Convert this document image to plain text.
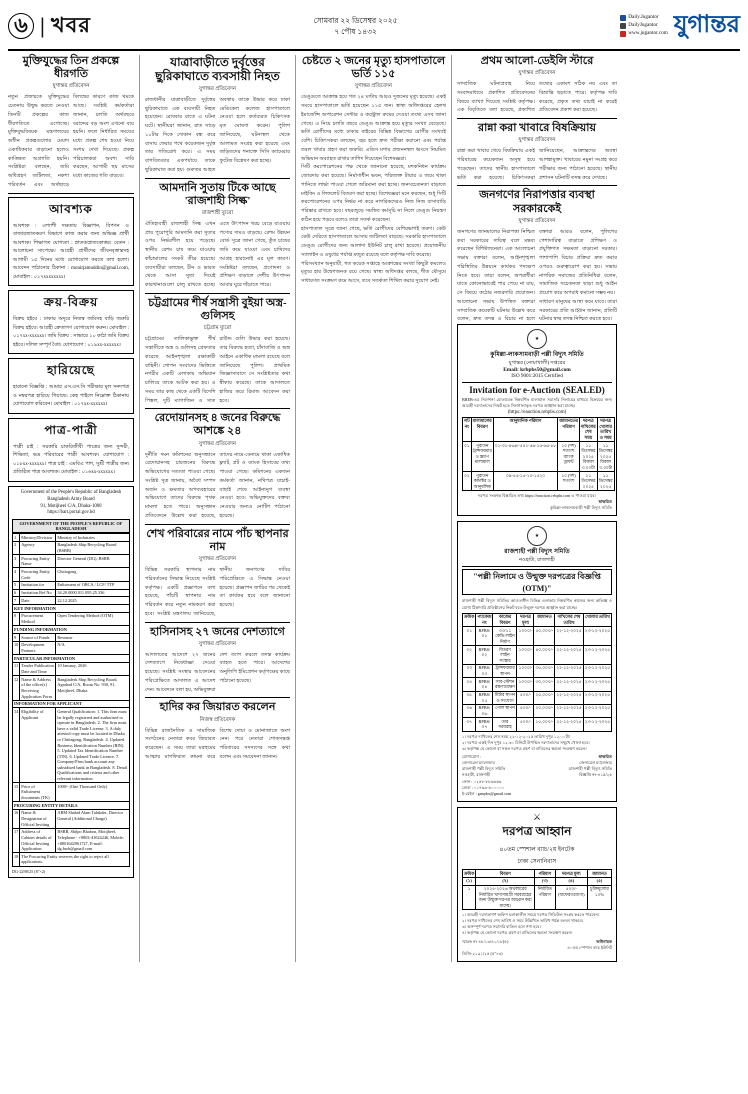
৬ | খবর	সোমবার ২২ ডিসেম্বর ২০২৫
৭ পৌষ ১৪৩২
Daily.Jugantor
DailyJugantor
www.jugantor.com যুগান্তর
মুক্তিযুদ্ধের তিন প্রকল্পে ধীরগতি
যুগান্তর প্রতিবেদন
নতুন প্রজন্মকে মুক্তিযুদ্ধের চেতনায় উদ্বুদ্ধ করতে নেওয়া তিনটি প্রকল্পের কাজ ধীরগতিতে এগোচ্ছে। মুক্তিযুদ্ধবিষয়ক মন্ত্রণালয়ের অধীন প্রকল্পগুলোর মেয়াদ একাধিকবার বাড়ানো হলেও কাঙ্ক্ষিত অগ্রগতি হয়নি। সংশ্লিষ্টরা বলছেন, জমি অধিগ্রহণ জটিলতা, নকশা পরিবর্তন এবং অর্থছাড়ে বিলম্বের কারণে কাজ থমকে আছে। সংশ্লিষ্ট কর্মকর্তারা জানান, চলতি অর্থবছরে বরাদ্দের বড় অংশ এখনো ব্যয় হয়নি। ফলে নির্ধারিত সময়ের মধ্যে প্রকল্প শেষ হওয়া নিয়ে সংশয় দেখা দিয়েছে। প্রকল্প পরিচালকরা অবশ্য দাবি করছেন, আগামী ছয় মাসের মধ্যে কাজের গতি বাড়বে।
আবশ্যক
আবশ্যক : এশ্যাশী দক্ষতায় বিজ্ঞাপন, বিপণন ও বাজারজাতকরণ বিভাগে কাজ করার জন্য অভিজ্ঞ প্রার্থী আবশ্যক। শিক্ষাগত যোগ্যতা : স্নাতক/স্নাতকোত্তর। বেতন : আলোচনা সাপেক্ষে। আগ্রহী প্রার্থীদের জীবনবৃত্তান্তসহ আগামী ১৫ দিনের মধ্যে যোগাযোগ করতে বলা হলো। আবেদন পাঠানোর ঠিকানা : monirjamuddin@gmail.com, মোবাইল : ০১৭xxxxxxxx।
ক্রয়-বিক্রয়
বিক্রয় হইবে : ঢাকার অদূরে নিজস্ব জমিসহ বাড়ি জরুরি বিক্রয় হইবে। আগ্রহী ক্রেতাগণ যোগাযোগ করুন। মোবাইল : ০১৭xx-xxxxxx। জমি বিক্রয় : সাভারে ১০ কাঠা জমি বিক্রয় হইবে। দলিল সম্পূর্ণ বৈধ। যোগাযোগ : ০১৯xx-xxxxxx।
হারিয়েছে
হারানো বিজ্ঞপ্তি : আমার এস.এস.সি পরীক্ষার মূল সনদপত্র ও নম্বরপত্র হারিয়ে গিয়াছে। কেহ পাইলে নিম্নোক্ত ঠিকানায় যোগাযোগ করিবেন। মোবাইল : ০১৭xx-xxxxxx।
পাত্র-পাত্রী
পাত্রী চাই : সরকারি চাকরিজীবী পাত্রের জন্য সুন্দরী, শিক্ষিতা, ভদ্র পরিবারের পাত্রী আবশ্যক। যোগাযোগ : ০১৮xx-xxxxxx। পাত্র চাই : এমবিএ পাশ, সুশ্রী পাত্রীর জন্য প্রতিষ্ঠিত পাত্র আবশ্যক। মোবাইল : ০১৬xx-xxxxxx।
Government of the People's Republic of Bangladesh
Bangladesh Army Board
91, Motijheel C/A, Dhaka-1000
https://bart.portal.gov.bd
GOVERNMENT OF THE PEOPLE'S REPUBLIC OF BANGLADESH
1	Ministry/Division	Ministry of Industries
2	Agency	Bangladesh Ship Recycling Board (BSRB)
3	Procuring Entity Name	Director General (DG), BSRB
4	Procuring Entity Code	Chittagong
5	Invitation for	Enlistment of OBCA / LCF/ TTP
6	Invitation Ref No	34.20.0000.011.095.25.336
7	Date	22.12.2025
KEY INFORMATION		
8	Procurement Method	Open Tendering Method (OTM)
FUNDING INFORMATION		
9	Source of Funds	Revenue
10	Development Partners	N/A
PARTICULAR INFORMATION		
11	Tender Publication Date and Time	10 January, 2026
12	Name & Address of the office(s) Receiving Application Form	Bangladesh Ship Recycling Board, Agrabad C/A, Room No. 930, 91, Motijheel, Dhaka
INFORMATION FOR APPLICANT		
14	Eligibility of Applicant	General Qualification: 1. This firm must be legally registered and authorised to operate in Bangladesh. 2. The firm must have a valid Trade License. 3. A duly attested copy must be located in Dhaka or Chittagong, Bangladesh. 4. Updated Business Identification Number (BIN). 5. Updated Tax Identification Number (TIN). 6. Updated Trade Licence. 7. Company/Firm bank account any subsidised bank in Bangladesh. 8. Detail Qualifications and criteria and other relevant information.
15	Price of Enlistment documents (TK)	1000/- (One Thousand Only)
PROCURING ENTITY DETAILS		
16	Name & Designation of Official Inviting	ABM Shahid Alam Talukder, Director General (Additional Charge)
17	Address of Cabinet details of Official Inviting Application	BSRB, Shilpo Bhabon, Motijheel, Telephone : +8802-41024246, Mobile: +8801642961727, E-mail: dg.bsrb@gmail.com
18	The Procuring Entity reserves the right to reject all applications.	
DG-2298/25 (8"×2)
যাত্রাবাড়ীতে দুর্বৃত্তের ছুরিকাঘাতে ব্যবসায়ী নিহত
যুগান্তর প্রতিবেদন
রাজধানীর যাত্রাবাড়ীতে দুর্বৃত্তের ছুরিকাঘাতে এক ব্যবসায়ী নিহত হয়েছেন। রোববার রাতে এ ঘটনা ঘটে। স্থানীয়রা জানান, রাত সাড়ে ১০টার দিকে দোকান বন্ধ করে বাসায় ফেরার পথে কয়েকজন দুর্বৃত্ত তার গতিরোধ করে। এ সময় বাগবিতণ্ডার একপর্যায়ে তাকে ছুরিকাঘাত করা হয়। গুরুতর আহত অবস্থায় তাকে উদ্ধার করে ঢাকা মেডিকেল কলেজ হাসপাতালে নেওয়া হলে কর্তব্যরত চিকিৎসক মৃত ঘোষণা করেন। পুলিশ জানিয়েছে, ঘটনাস্থল থেকে আলামত সংগ্রহ করা হয়েছে এবং জড়িতদের শনাক্তে সিসি ক্যামেরার ফুটেজ বিশ্লেষণ করা হচ্ছে।
আমদানি সুতায় টিকে আছে 'রাজশাহী সিল্ক'
রাজশাহী ব্যুরো
ঐতিহ্যবাহী রাজশাহী সিল্ক এখন প্রায় পুরোপুরি আমদানি করা সুতার ওপর নির্ভরশীল হয়ে পড়েছে। স্থানীয় রেশম চাষ কমে যাওয়ায় কাঁচামালের সংকট তীব্র হয়েছে। ব্যবসায়ীরা বলছেন, চীন ও ভারত থেকে আসা সুতা দিয়েই কারখানাগুলো চালু রাখতে হচ্ছে। এতে উৎপাদন খরচ বেড়ে যাওয়ায় পণ্যের দামও বাড়ছে। রেশম উন্নয়ন বোর্ড সূত্রে জানা গেছে, তুঁত চাষের জমি কমে যাওয়া এবং চাষিদের আগ্রহ হারানোই এর মূল কারণ। সংশ্লিষ্টরা বলছেন, প্রণোদনা ও প্রশিক্ষণ বাড়ালে দেশীয় উৎপাদন আবার ঘুরে দাঁড়াতে পারে।
চট্টগ্রামের শীর্ষ সন্ত্রাসী বুইয়া অস্ত্র-গুলিসহ
চট্টগ্রাম ব্যুরো
চট্টগ্রামের তালিকাভুক্ত শীর্ষ সন্ত্রাসীকে অস্ত্র ও গুলিসহ গ্রেফতার করেছে আইনশৃঙ্খলা রক্ষাকারী বাহিনী। গোপন সংবাদের ভিত্তিতে নগরীর একটি এলাকায় অভিযান চালিয়ে তাকে আটক করা হয়। এ সময় তার কাছ থেকে একটি বিদেশি পিস্তল, দুটি ম্যাগাজিন ও সাত রাউন্ড গুলি উদ্ধার করা হয়েছে। তার বিরুদ্ধে হত্যা, চাঁদাবাজি ও অস্ত্র আইনে একাধিক মামলা রয়েছে বলে জানিয়েছে পুলিশ। প্রাথমিক জিজ্ঞাসাবাদে সে সংশ্লিষ্টতার কথা স্বীকার করেছে। তাকে আদালতে হাজির করে রিমান্ড আবেদন করা হবে।
রেদোয়ানসহ ৪ জনের বিরুদ্ধে আশঙ্কে ২৪
যুগান্তর প্রতিবেদন
দুর্নীতি দমন কমিশনের অনুসন্ধানে রেদোয়ানসহ চারজনের বিরুদ্ধে অভিযোগের সত্যতা পাওয়া গেছে। সংশ্লিষ্ট সূত্র জানায়, অবৈধ সম্পদ অর্জন ও ক্ষমতার অপব্যবহারের অভিযোগে তাদের বিরুদ্ধে পৃথক মামলা হতে পারে। অনুসন্ধান প্রতিবেদনে উল্লেখ করা হয়েছে, তাদের নামে-বেনামে থাকা একাধিক ফ্ল্যাট, প্লট ও ব্যাংক হিসাবের তথ্য পাওয়া গেছে। কমিশনের একজন কর্মকর্তা জানান, নথিপত্র যাচাই-বাছাই শেষে আইনানুগ ব্যবস্থা নেওয়া হবে। অভিযুক্তদের বক্তব্য নেওয়ার জন্যও নোটিশ পাঠানো হয়েছে।
শেখ পরিবারের নামে পাঁচ স্থাপনার নাম
যুগান্তর প্রতিবেদন
বিভিন্ন সরকারি স্থাপনার নাম পরিবর্তনের সিদ্ধান্ত নিয়েছে সংশ্লিষ্ট কর্তৃপক্ষ। একটি প্রজ্ঞাপনে বলা হয়েছে, পাঁচটি স্থাপনার নাম পরিবর্তন করে নতুন নামকরণ করা হবে। সংশ্লিষ্ট মন্ত্রণালয় জানিয়েছে, স্থানীয় জনগণের দাবির পরিপ্রেক্ষিতে এ সিদ্ধান্ত নেওয়া হয়েছে। প্রজ্ঞাপন জারির পর থেকেই তা কার্যকর হবে বলে জানানো হয়েছে।
হাসিনাসহ ২৭ জনের দেশত্যাগে
যুগান্তর প্রতিবেদন
আদালতের আদেশে ২৭ জনের দেশত্যাগে নিষেধাজ্ঞা দেওয়া হয়েছে। সংশ্লিষ্ট সংস্থার আবেদনের পরিপ্রেক্ষিতে আদালত এ আদেশ দেন। আবেদনে বলা হয়, অভিযুক্তরা দেশ ত্যাগ করলে তদন্ত কার্যক্রম ব্যাহত হতে পারে। আদেশের অনুলিপি ইমিগ্রেশন কর্তৃপক্ষের কাছে পাঠানো হয়েছে।
হাদির কর জিয়ারত করলেন
নিজস্ব প্রতিবেদক
বিভিন্ন রাজনৈতিক ও সামাজিক সংগঠনের নেতারা কবর জিয়ারত করেছেন। এ সময় তারা মরহুমের আত্মার মাগফিরাত কামনা করে বিশেষ দোয়া ও মোনাজাতে অংশ নেন। পরে নেতারা শোকসন্তপ্ত পরিবারের সদস্যদের সঙ্গে কথা বলেন এবং সমবেদনা জানান।
চেষ্টতে ২ জনের মৃত্যু হাসপাতালে ভর্তি ১১৫
যুগান্তর প্রতিবেদন
ডেঙ্গুতে আক্রান্ত হয়ে গত ২৪ ঘণ্টায় আরও দুজনের মৃত্যু হয়েছে। একই সময়ে হাসপাতালে ভর্তি হয়েছেন ১১৫ জন। স্বাস্থ্য অধিদপ্তরের হেলথ ইমার্জেন্সি অপারেশন সেন্টার ও কন্ট্রোল রুমের দেওয়া তথ্যে এসব জানা গেছে। এ নিয়ে চলতি বছরে ডেঙ্গু আক্রান্ত হয়ে মৃত্যুর সংখ্যা বেড়েছে। ভর্তি রোগীদের মধ্যে ঢাকার বাইরের বিভিন্ন বিভাগের রোগীর সংখ্যাই বেশি। চিকিৎসকরা বলছেন, জ্বর হলে দ্রুত পরীক্ষা করানো এবং পর্যাপ্ত তরল খাবার গ্রহণ করা জরুরি। এডিস মশার প্রজননস্থল ধ্বংসে নিয়মিত অভিযান অব্যাহত রাখার তাগিদ দিয়েছেন বিশেষজ্ঞরা।
সিটি করপোরেশনের পক্ষ থেকে জানানো হয়েছে, মশকনিধন কার্যক্রম জোরদার করা হয়েছে। নির্মাণাধীন ভবন, পরিত্যক্ত টায়ার ও জমে থাকা পানিতে লার্ভা পাওয়া গেলে জরিমানা করা হচ্ছে। জনসচেতনতা বাড়াতে মাইকিং ও লিফলেট বিতরণ করা হচ্ছে। বিশেষজ্ঞরা মনে করছেন, শুধু সিটি করপোরেশনের ওপর নির্ভর না করে নাগরিকদেরও নিজ নিজ বাসাবাড়ি পরিষ্কার রাখতে হবে। বছরজুড়ে সমন্বিত কর্মসূচি না নিলে ডেঙ্গু নিয়ন্ত্রণ কঠিন হয়ে পড়বে বলেও তারা সতর্ক করেছেন।
হাসপাতাল সূত্রে জানা গেছে, ভর্তি রোগীদের বেশিরভাগই তরুণ। কেউ কেউ দেরিতে হাসপাতালে আসায় জটিলতা বাড়ছে। সরকারি হাসপাতালে ডেঙ্গু রোগীদের জন্য আলাদা ইউনিট চালু রাখা হয়েছে। প্রয়োজনীয় স্যালাইন ও ওষুধের পর্যাপ্ত মজুত রয়েছে বলে কর্তৃপক্ষ দাবি করেছে।
পরিসংখ্যান অনুযায়ী, গত কয়েক সপ্তাহে আক্রান্তের সংখ্যা কিছুটা কমলেও মৃত্যুর হার উদ্বেগজনক রয়ে গেছে। স্বাস্থ্য অধিদপ্তর বলছে, শীত মৌসুমে সাধারণত সংক্রমণ কমে আসে, তবে সতর্কতা শিথিল করার সুযোগ নেই।
প্রথম আলো-ডেইলি স্টারে
যুগান্তর প্রতিবেদন
সাম্প্রতিক ঘটনাপ্রবাহ নিয়ে সংবাদমাধ্যমে প্রকাশিত প্রতিবেদনের বিষয়ে ব্যাখ্যা দিয়েছে সংশ্লিষ্ট কর্তৃপক্ষ। এক বিবৃতিতে বলা হয়েছে, প্রকাশিত তথ্যের একাংশ সঠিক নয় এবং তা বিভ্রান্তি ছড়াতে পারে। কর্তৃপক্ষ দাবি করেছে, প্রকৃত তথ্য যাচাই না করেই প্রতিবেদন প্রকাশ করা হয়েছে।
রান্না করা খাবারে বিষক্রিয়ায়
যুগান্তর প্রতিবেদন
রান্না করা খাবার খেয়ে বিষক্রিয়ায় একই পরিবারের কয়েকজন অসুস্থ হয়ে পড়েছেন। তাদের স্থানীয় হাসপাতালে ভর্তি করা হয়েছে। চিকিৎসকরা জানিয়েছেন, আক্রান্তদের অবস্থা আশঙ্কামুক্ত। খাবারের নমুনা সংগ্রহ করে পরীক্ষার জন্য পাঠানো হয়েছে। স্থানীয় প্রশাসন ঘটনাটি তদন্ত করে দেখছে।
জনগণের নিরাপত্তার ব্যবস্থা সরকারকেই
যুগান্তর প্রতিবেদন
জনগণের জানমালের নিরাপত্তা নিশ্চিত করা সরকারের দায়িত্ব বলে মন্তব্য করেছেন বিশিষ্টজনেরা। এক আলোচনা সভায় বক্তারা বলেন, আইনশৃঙ্খলা পরিস্থিতির উন্নয়নে কার্যকর পদক্ষেপ নিতে হবে। তারা বলেন, অপরাধীরা যাতে কোনোভাবেই পার পেয়ে না যায়, সে বিষয়ে কঠোর নজরদারি প্রয়োজন। বক্তারা আরও বলেন, পুলিশের পেশাদারিত্ব বাড়াতে প্রশিক্ষণ ও প্রযুক্তিগত সক্ষমতা বাড়ানো দরকার। পাশাপাশি বিচার প্রক্রিয়া দ্রুত করার ওপরও গুরুত্বারোপ করা হয়। সভায় নাগরিক সমাজের প্রতিনিধিরা বলেন, সামাজিক সচেতনতা ছাড়া শুধু আইন প্রয়োগ করে অপরাধ কমানো সম্ভব নয়।
আলোচনা সভায় উপস্থিত বক্তারা সাম্প্রতিক কয়েকটি ঘটনার উল্লেখ করে বলেন, দ্রুত তদন্ত ও বিচার না হলে সাধারণ মানুষের আস্থা কমে যাবে। তারা সরকারের প্রতি আহ্বান জানান, প্রতিটি ঘটনার স্বচ্ছ তদন্ত নিশ্চিত করতে হবে।
★
কুমিল্লা-লাকসামবাড়ী পল্লী বিদ্যুৎ সমিতি
যুগান্তর (নোয়াখালী) দপ্তরের
Email: krbpbs50@gmail.com
ISO 9001:2015 Certified
Invitation for e-Auction (SEALED)
BREB-এর নির্দেশনা মোতাবেক নিম্নবর্ণিত মালামাল সরাসরি নিলামের মাধ্যমে বিক্রয়ের জন্য আগ্রহী দরদাতাদের নিকট হতে সিলগালাকৃত দরপত্র আহ্বান করা যাচ্ছে।
(https://eauction.rebpbs.com)
লট নং	মালামালের বিবরণ	আনুমানিক পরিমাণ	জামানতের পরিমাণ	দরপত্র দাখিলের শেষ সময়	দরপত্র খোলার তারিখ ও সময়
০১	পুরাতন ট্রান্সফরমার ও স্ক্র্যাপ মালামাল	০১-৩১-৪৬৪/-৫৫১-৫৬-১৫-৬৫-৮৮	১০ (দশ) শতাংশ ব্যাংক ড্রাফট	১১ ডিসেম্বর ২০২৫ বিকাল ৩.০০টা	১১ ডিসেম্বর ২০২৫ বিকাল ৩.৩০টা
০২	পুরাতন কন্ডাক্টর ও আনুষঙ্গিক	০৯-৫৫-১৫-১০-১৫২০	১০ (দশ) শতাংশ	১১ ডিসেম্বর ২০২৫	১১ ডিসেম্বর ২০২৫
দরপত্র সংক্রান্ত বিস্তারিত তথ্য https://eauction.rebpbs.com এ পাওয়া যাবে।
স্বাক্ষরিত
কুমিল্লা-লাকসামবাড়ী পল্লী বিদ্যুৎ সমিতি
★
রাজশাহী পল্লী বিদ্যুৎ সমিতি
নওহাটা, রাজশাহী
"পল্লী নিলামে ও উন্মুক্ত দরপত্রের বিজ্ঞপ্তি (OTM)"
রাজশাহী পল্লী বিদ্যুৎ সমিতির আওতাধীন বিভিন্ন এলাকায় নিম্নবর্ণিত কাজের জন্য অভিজ্ঞ ও যোগ্য ঠিকাদারি প্রতিষ্ঠানের নিকট হতে উন্মুক্ত দরপত্র আহ্বান করা যাচ্ছে।
ক্রমিক	প্যাকেজ নং	কাজের বিবরণ	দরপত্র মূল্য	জামানত	দাখিলের শেষ তারিখ	খোলার তারিখ
০১	RPBS/০১	৩৩/১১ কেভি লাইন নির্মাণ	১০০০/-	৫০,০০০/-	২২-১২-২০২৫	২৩-১২-২০২৫
০২	RPBS/০২	বিতরণ লাইন সংস্কার	১০০০/-	৪০,০০০/-	২২-১২-২০২৫	২৩-১২-২০২৫
০৩	RPBS/০৩	ট্রান্সফরমার স্থাপন	১০০০/-	৩৫,০০০/-	২২-১২-২০২৫	২৩-১২-২০২৫
০৪	RPBS/০৪	সাব-স্টেশন রক্ষণাবেক্ষণ	১০০০/-	৩০,০০০/-	২২-১২-২০২৫	২৩-১২-২০২৫
০৫	RPBS/০৫	মিটার স্থাপন ও সংযোগ	৫০০/-	২৫,০০০/-	২২-১২-২০২৫	২৩-১২-২০২৫
০৬	RPBS/০৬	পোল স্থাপন	৫০০/-	২০,০০০/-	২২-১২-২০২৫	২৩-১২-২০২৫
০৭	RPBS/০৭	তার সরবরাহ	৫০০/-	১৫,০০০/-	২২-১২-২০২৫	২৩-১২-২০২৫
১। দরপত্র দাখিলের শেষ সময় ২২-১২-২০২৫ তারিখ দুপুর ১২.০০টা।
২। দরপত্র একই দিন দুপুর ১২.৩০ মিনিটে উপস্থিত দরদাতাদের সম্মুখে খোলা হবে।
৩। কর্তৃপক্ষ যে কোনো বা সকল দরপত্র গ্রহণ বা বাতিলের ক্ষমতা সংরক্ষণ করেন।
যোগাযোগ :
জেনারেল ম্যানেজার
রাজশাহী পল্লী বিদ্যুৎ সমিতি
নওহাটা, রাজশাহী
ফোন : ০২৫৮-৮৮৬৬৬৬
মোবা : ০১৭৬৯-৪০০০০০
ই-মেইল : gmrpbs@gmail.com
স্বাক্ষরিত
জেনারেল ম্যানেজার
রাজশাহী পল্লী বিদ্যুৎ সমিতি
বিজ্ঞপ্তি নং-৪১৫/২৫
⚔
দরপত্র আহ্বান
৪০তম স্পেশাল ব্যাচ/২য় ইনটেক
ঢাকা সেনানিবাস
ক্রমিক	বিবরণ	পরিমাণ	দরপত্র মূল্য	জামানত
(১)	(২)	(৩)	(৪)	(৫)
১	২০২৫-২০২৬ অর্থবছরের নির্ধারিত খাদ্যসামগ্রী সরবরাহের জন্য উন্মুক্ত দরপত্র আহ্বান করা যাচ্ছে।	নির্ধারিত পরিমাণ	৫০০/- (অফেরতযোগ্য)	চুক্তিমূল্যের ১০%
১। আগ্রহী দরদাতাগণ অফিস চলাকালীন সময়ে দরপত্র সিডিউল সংগ্রহ করতে পারবেন।
২। দরপত্র দাখিলের শেষ তারিখ ও সময় উল্লিখিত তারিখ পর্যন্ত বলবৎ থাকবে।
৩। অসম্পূর্ণ দরপত্র সরাসরি বাতিল বলে গণ্য হবে।
৪। কর্তৃপক্ষ যে কোনো দরপত্র গ্রহণ বা বাতিলের ক্ষমতা সংরক্ষণ করেন।
স্মারক নং ৪৮/১৩/৪১/১৮(৫)	অধিনায়ক
৪০তম স্পেশাল ব্যাচ ইউনিট
ডিজি-২১৯১/২৫ (৫"×৩)
